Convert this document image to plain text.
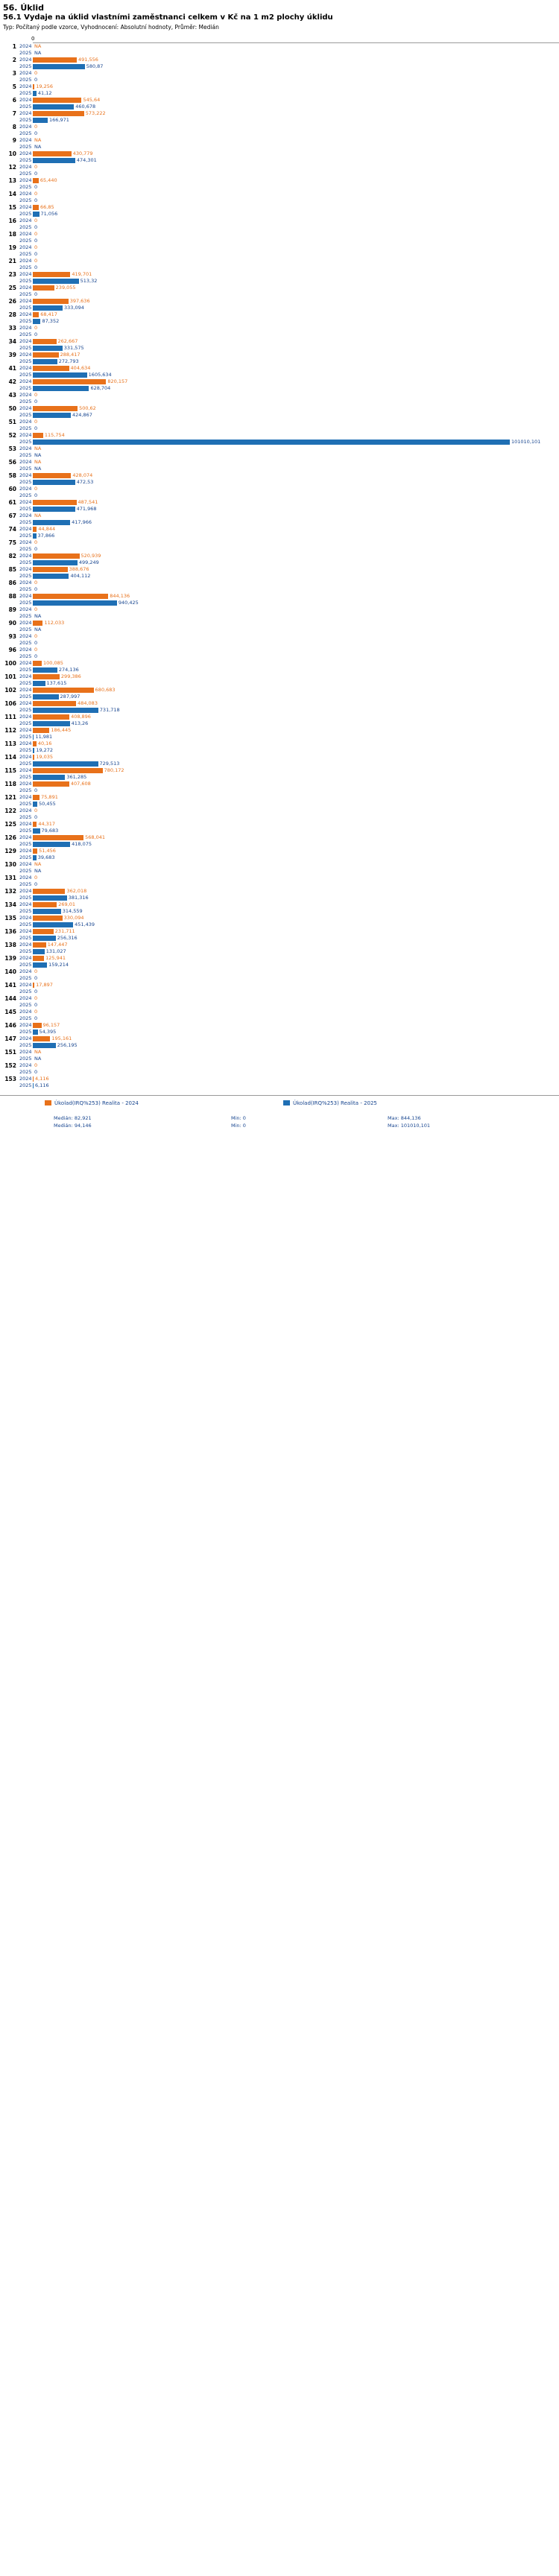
56. Úklid
56.1 Vydaje na úklid vlastními zaměstnanci celkem v Kč na 1 m2 plochy úklidu
Typ: Počítaný podle vzorce, Vyhodnocení: Absolutní hodnoty, Průměr: Medián
0
1 2024 NA
2025 NA
2 2024	491,556
2025	580,87
3 2024 0
2025 0
5 2024 19,256
2025 41,12
6 2024	545,64
2025	460,678
7 2024	573,222
2025	166,971
8 2024 0
2025 0
9 2024 NA
2025 NA
10 2024	430,779
2025	474,301
12 2024 0
2025 0
13 2024 65,440
2025 0
14 2024 0
2025 0
15 2024 66,85
2025 71,056
16 2024 0
2025 0
18 2024 0
2025 0
19 2024 0
2025 0
21 2024 0
2025 0
23 2024	419,701
2025	513,32
25 2024	239,055
2025 0
26 2024	397,636
2025	333,094
28 2024 68,417
2025 87,352
33 2024 0
2025 0
34 2024	262,667
2025	331,575
39 2024	288,417
2025	272,793
41 2024	404,634
2025	1605,634
42 2024	820,157
2025	628,704
43 2024 0
2025 0
50 2024	500,62
2025	424,867
51 2024 0
2025 0
52 2024	115,754
2025	101010,101
53 2024 NA
2025 NA
56 2024 NA
2025 NA
58 2024	428,074
2025	472,53
60 2024 0
2025 0
61 2024	487,541
2025	471,968
67 2024 NA
2025	417,966
74 2024 44,844
2025 37,866
75 2024 0
2025 0
82 2024	520,939
2025	499,249
85 2024	388,676
2025	404,112
86 2024 0
2025 0
88 2024	844,136
2025	940,425
89 2024 0
2025 NA
90 2024	112,033
2025 NA
93 2024 0
2025 0
96 2024 0
2025 0
100 2024 100,085
2025	274,136
101 2024	299,386
2025	137,615
102 2024	680,683
2025	287,997
106 2024	484,083
2025	731,718
111 2024	408,896
2025	413,26
112 2024	186,445
2025 11,981
113 2024 40,16
2025 19,272
114 2024 19,035
2025	729,513
115 2024	780,172
2025	361,285
118 2024	407,608
2025 0
121 2024 75,891
2025 50,455
122 2024 0
2025 0
125 2024 44,317
2025 79,683
126 2024	568,041
2025	418,075
129 2024 51,456
2025 39,683
130 2024 NA
2025 NA
131 2024 0
2025 0
132 2024	362,018
2025	381,316
134 2024	269,01
2025	314,559
135 2024	330,094
2025	451,439
136 2024	231,711
2025	256,316
138 2024	147,447
2025	131,027
139 2024	125,941
2025	159,214
140 2024 0
2025 0
141 2024 17,897
2025 0
144 2024 0
2025 0
145 2024 0
2025 0
146 2024 96,157
2025 54,395
147 2024	195,161
2025	256,195
151 2024 NA
2025 NA
152 2024 0
2025 0
153 2024 4,116
2025 6,116
Úkolad(IRQ%253) Realita - 2024	Úkolad(IRQ%253) Realita - 2025
Medián: 82,921	Min: 0	Max: 844,136
Medián: 94,146	Min: 0	Max: 101010,101
